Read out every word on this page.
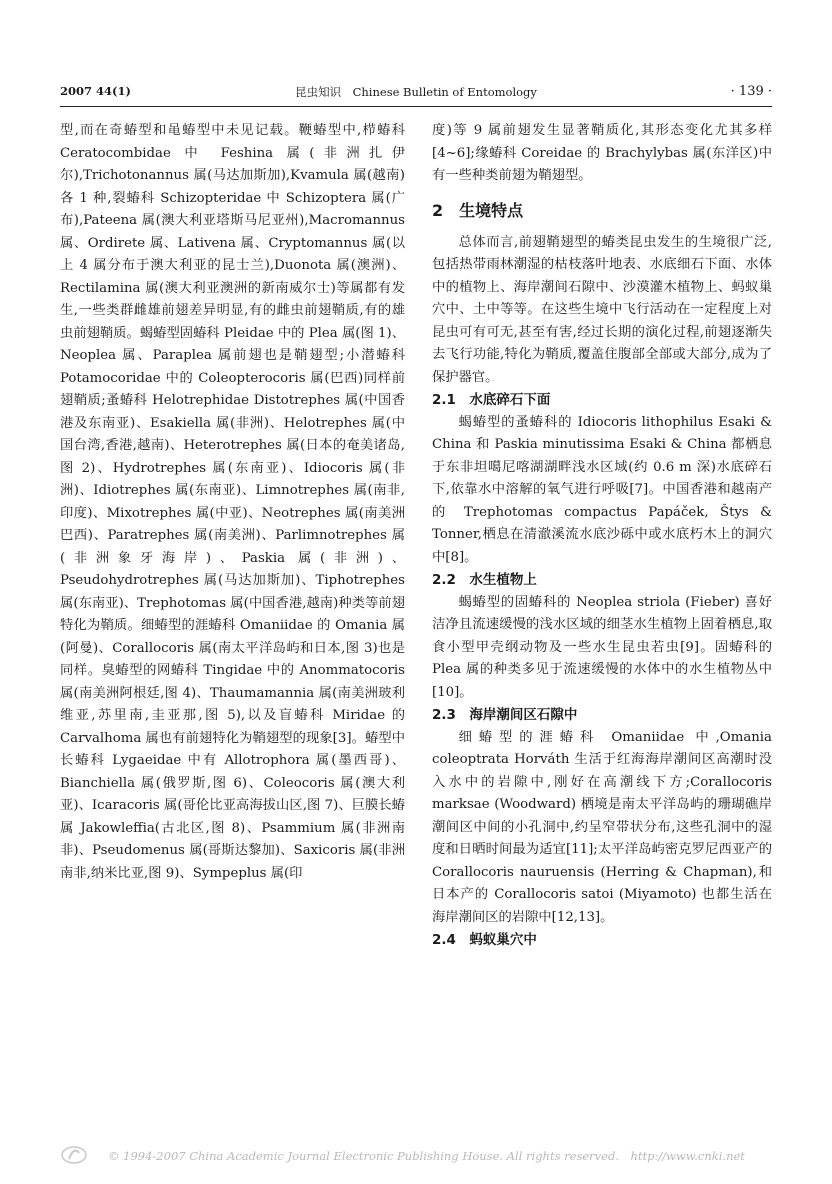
2007 44(1)	昆虫知识　Chinese Bulletin of Entomology	· 139 ·

型,而在奇蝽型和黾蝽型中未见记载。鞭蝽型中,栉蝽科 Ceratocombidae 中 Feshina 属(非洲扎伊尔),Trichotonannus 属(马达加斯加),Kvamula 属(越南)各 1 种,裂蝽科 Schizopteridae 中 Schizoptera 属(广布),Pateena 属(澳大利亚塔斯马尼亚州),Macromannus 属、Ordirete 属、Lativena 属、Cryptomannus 属(以上 4 属分布于澳大利亚的昆士兰),Duonota 属(澳洲)、Rectilamina 属(澳大利亚澳洲的新南威尔士)等属都有发生,一些类群雌雄前翅差异明显,有的雌虫前翅鞘质,有的雄虫前翅鞘质。蝎蝽型固蝽科 Pleidae 中的 Plea 属(图 1)、Neoplea 属、Paraplea 属前翅也是鞘翅型;小潜蝽科 Potamocoridae 中的 Coleopterocoris 属(巴西)同样前翅鞘质;蚤蝽科 Helotrephidae Distotrephes 属(中国香港及东南亚)、Esakiella 属(非洲)、Helotrephes 属(中国台湾,香港,越南)、Heterotrephes 属(日本的奄美诸岛,图 2)、Hydrotrephes 属(东南亚)、Idiocoris 属(非洲)、Idiotrephes 属(东南亚)、Limnotrephes 属(南非,印度)、Mixotrephes 属(中亚)、Neotrephes 属(南美洲巴西)、Paratrephes 属(南美洲)、Parlimnotrephes 属(非洲象牙海岸)、Paskia 属(非洲)、Pseudohydrotrephes 属(马达加斯加)、Tiphotrephes 属(东南亚)、Trephotomas 属(中国香港,越南)种类等前翅特化为鞘质。细蝽型的涯蝽科 Omaniidae 的 Omania 属(阿曼)、Corallocoris 属(南太平洋岛屿和日本,图 3)也是同样。臭蝽型的网蝽科 Tingidae 中的 Anommatocoris 属(南美洲阿根廷,图 4)、Thaumamannia 属(南美洲玻利维亚,苏里南,圭亚那,图 5),以及盲蝽科 Miridae 的 Carvalhoma 属也有前翅特化为鞘翅型的现象[3]。蝽型中长蝽科 Lygaeidae 中有 Allotrophora 属(墨西哥)、Bianchiella 属(俄罗斯,图 6)、Coleocoris 属(澳大利亚)、Icaracoris 属(哥伦比亚高海拔山区,图 7)、巨膜长蝽属 Jakowleffia(古北区,图 8)、Psammium 属(非洲南非)、Pseudomenus 属(哥斯达黎加)、Saxicoris 属(非洲南非,纳米比亚,图 9)、Sympeplus 属(印

度)等 9 属前翅发生显著鞘质化,其形态变化尤其多样[4~6];缘蝽科 Coreidae 的 Brachylybas 属(东洋区)中有一些种类前翅为鞘翅型。

2　生境特点

总体而言,前翅鞘翅型的蝽类昆虫发生的生境很广泛,包括热带雨林潮湿的枯枝落叶地表、水底细石下面、水体中的植物上、海岸潮间石隙中、沙漠灌木植物上、蚂蚁巢穴中、土中等等。在这些生境中飞行活动在一定程度上对昆虫可有可无,甚至有害,经过长期的演化过程,前翅逐渐失去飞行功能,特化为鞘质,覆盖住腹部全部或大部分,成为了保护器官。

2.1　水底碎石下面

蝎蝽型的蚤蝽科的 Idiocoris lithophilus Esaki & China 和 Paskia minutissima Esaki & China 都栖息于东非坦噶尼喀湖湖畔浅水区域(约 0.6 m 深)水底碎石下,依靠水中溶解的氧气进行呼吸[7]。中国香港和越南产的 Trephotomas compactus Papáček, Štys & Tonner,栖息在清澈溪流水底沙砾中或水底朽木上的洞穴中[8]。

2.2　水生植物上

蝎蝽型的固蝽科的 Neoplea striola (Fieber) 喜好洁净且流速缓慢的浅水区域的细茎水生植物上固着栖息,取食小型甲壳纲动物及一些水生昆虫若虫[9]。固蝽科的 Plea 属的种类多见于流速缓慢的水体中的水生植物丛中[10]。

2.3　海岸潮间区石隙中

细蝽型的涯蝽科 Omaniidae 中,Omania coleoptrata Horváth 生活于红海海岸潮间区高潮时没入水中的岩隙中,刚好在高潮线下方;Corallocoris marksae (Woodward) 栖境是南太平洋岛屿的珊瑚礁岸潮间区中间的小孔洞中,约呈窄带状分布,这些孔洞中的湿度和日晒时间最为适宜[11];太平洋岛屿密克罗尼西亚产的 Corallocoris nauruensis (Herring & Chapman),和日本产的 Corallocoris satoi (Miyamoto) 也都生活在海岸潮间区的岩隙中[12,13]。

2.4　蚂蚁巢穴中
© 1994-2007 China Academic Journal Electronic Publishing House. All rights reserved.　http://www.cnki.net
